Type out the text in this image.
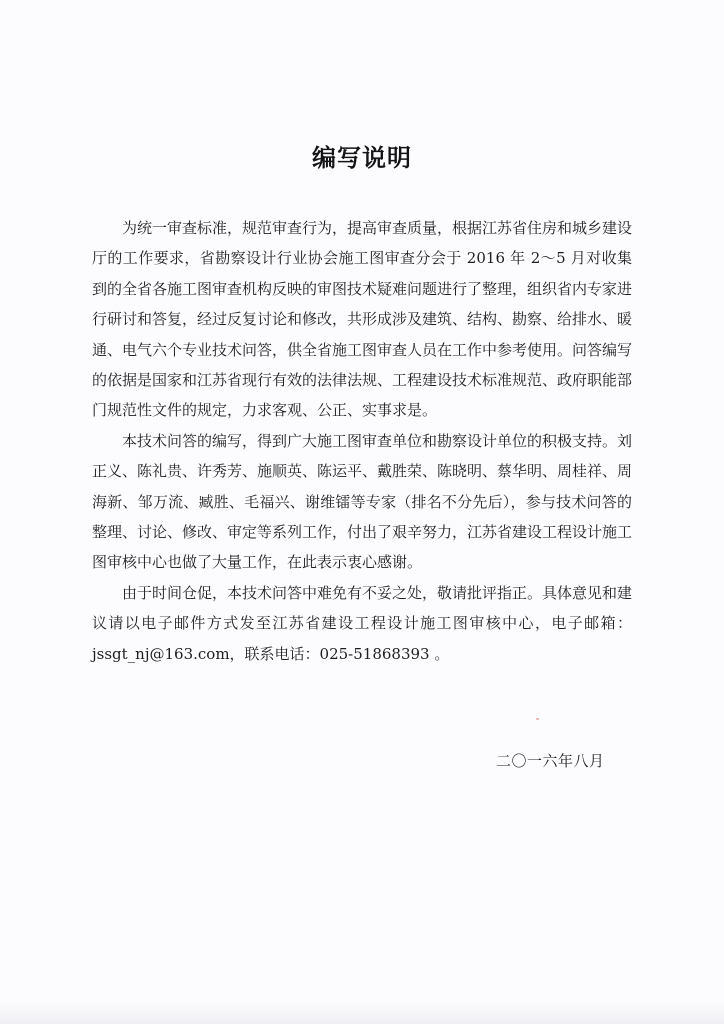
编写说明

为统一审查标准，规范审查行为，提高审查质量，根据江苏省住房和城乡建设厅的工作要求，省勘察设计行业协会施工图审查分会于 2016 年 2～5 月对收集到的全省各施工图审查机构反映的审图技术疑难问题进行了整理，组织省内专家进行研讨和答复，经过反复讨论和修改，共形成涉及建筑、结构、勘察、给排水、暖通、电气六个专业技术问答，供全省施工图审查人员在工作中参考使用。问答编写的依据是国家和江苏省现行有效的法律法规、工程建设技术标准规范、政府职能部门规范性文件的规定，力求客观、公正、实事求是。

本技术问答的编写，得到广大施工图审查单位和勘察设计单位的积极支持。刘正义、陈礼贵、许秀芳、施顺英、陈运平、戴胜荣、陈晓明、蔡华明、周桂祥、周海新、邹万流、臧胜、毛福兴、谢维镭等专家（排名不分先后），参与技术问答的整理、讨论、修改、审定等系列工作，付出了艰辛努力，江苏省建设工程设计施工图审核中心也做了大量工作，在此表示衷心感谢。

由于时间仓促，本技术问答中难免有不妥之处，敬请批评指正。具体意见和建议请以电子邮件方式发至江苏省建设工程设计施工图审核中心，电子邮箱：jssgt_nj@163.com，联系电话：025-51868393 。

二〇一六年八月
